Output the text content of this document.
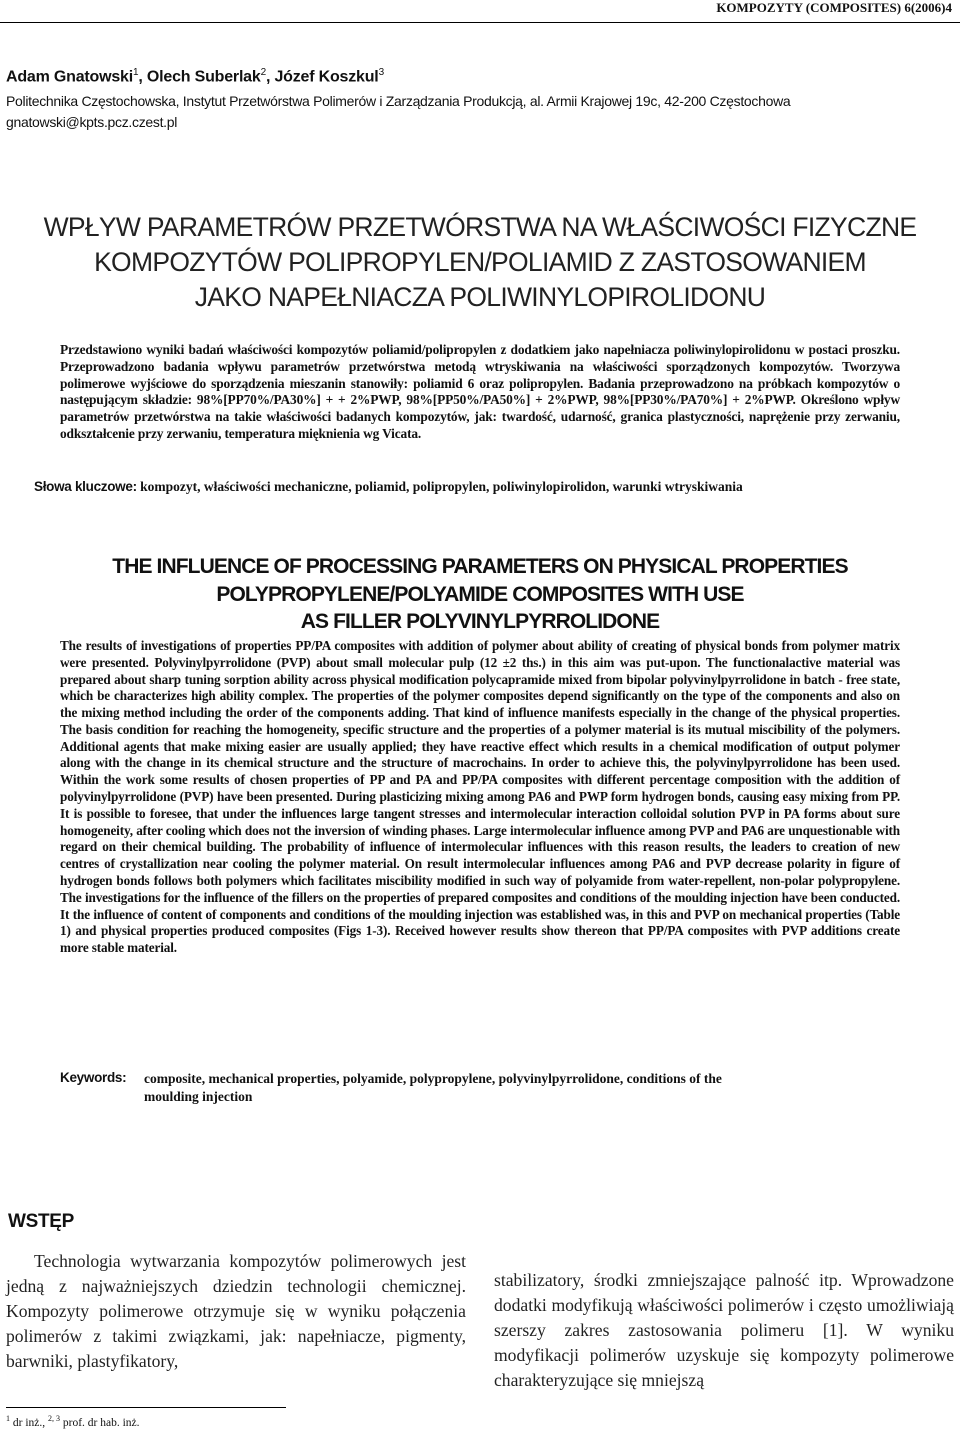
KOMPOZYTY (COMPOSITES) 6(2006)4
Adam Gnatowski$^1$, Olech Suberlak$^2$, Józef Koszkul$^3$
Politechnika Częstochowska, Instytut Przetwórstwa Polimerów i Zarządzania Produkcją, al. Armii Krajowej 19c, 42-200 Częstochowa
gnatowski@kpts.pcz.czest.pl
WPŁYW PARAMETRÓW PRZETWÓRSTWA NA WŁAŚCIWOŚCI FIZYCZNE
KOMPOZYTÓW POLIPROPYLEN/POLIAMID Z ZASTOSOWANIEM
JAKO NAPEŁNIACZA POLIWINYLOPIROLIDONU
Przedstawiono wyniki badań właściwości kompozytów poliamid/polipropylen z dodatkiem jako napełniacza poliwinylopirolidonu w postaci proszku. Przeprowadzono badania wpływu parametrów przetwórstwa metodą wtryskiwania na właściwości sporządzonych kompozytów. Tworzywa polimerowe wyjściowe do sporządzenia mieszanin stanowiły: poliamid 6 oraz polipropylen. Badania przeprowadzono na próbkach kompozytów o następującym składzie: 98%[PP70%/PA30%] + + 2%PWP, 98%[PP50%/PA50%] + 2%PWP, 98%[PP30%/PA70%] + 2%PWP. Określono wpływ parametrów przetwórstwa na takie właściwości badanych kompozytów, jak: twardość, udarność, granica plastyczności, naprężenie przy zerwaniu, odkształcenie przy zerwaniu, temperatura mięknienia wg Vicata.
Słowa kluczowe: kompozyt, właściwości mechaniczne, poliamid, polipropylen, poliwinylopirolidon, warunki wtryskiwania
THE INFLUENCE OF PROCESSING PARAMETERS ON PHYSICAL PROPERTIES
POLYPROPYLENE/POLYAMIDE COMPOSITES WITH USE
AS FILLER POLYVINYLPYRROLIDONE
The results of investigations of properties PP/PA composites with addition of polymer about ability of creating of physical bonds from polymer matrix were presented. Polyvinylpyrrolidone (PVP) about small molecular pulp (12 ±2 ths.) in this aim was put-upon. The functionalactive material was prepared about sharp tuning sorption ability across physical modification polycapramide mixed from bipolar polyvinylpyrrolidone in batch - free state, which be characterizes high ability complex. The properties of the polymer composites depend significantly on the type of the components and also on the mixing method including the order of the components adding. That kind of influence manifests especially in the change of the physical properties. The basis condition for reaching the homogeneity, specific structure and the properties of a polymer material is its mutual miscibility of the polymers. Additional agents that make mixing easier are usually applied; they have reactive effect which results in a chemical modification of output polymer along with the change in its chemical structure and the structure of macrochains. In order to achieve this, the polyvinylpyrrolidone has been used. Within the work some results of chosen properties of PP and PA and PP/PA composites with different percentage composition with the addition of polyvinylpyrrolidone (PVP) have been presented. During plasticizing mixing among PA6 and PWP form hydrogen bonds, causing easy mixing from PP. It is possible to foresee, that under the influences large tangent stresses and intermolecular interaction colloidal solution PVP in PA forms about sure homogeneity, after cooling which does not the inversion of winding phases. Large intermolecular influence among PVP and PA6 are unquestionable with regard on their chemical building. The probability of influence of intermolecular influences with this reason results, the leaders to creation of new centres of crystallization near cooling the polymer material. On result intermolecular influences among PA6 and PVP decrease polarity in figure of hydrogen bonds follows both polymers which facilitates miscibility modified in such way of polyamide from water-repellent, non-polar polypropylene. The investigations for the influence of the fillers on the properties of prepared composites and conditions of the moulding injection have been conducted. It the influence of content of components and conditions of the moulding injection was established was, in this and PVP on mechanical properties (Table 1) and physical properties produced composites (Figs 1-3). Received however results show thereon that PP/PA composites with PVP additions create more stable material.
Keywords: composite, mechanical properties, polyamide, polypropylene, polyvinylpyrrolidone, conditions of the moulding injection
WSTĘP
Technologia wytwarzania kompozytów polimerowych jest jedną z najważniejszych dziedzin technologii chemicznej. Kompozyty polimerowe otrzymuje się w wyniku połączenia polimerów z takimi związkami, jak: napełniacze, pigmenty, barwniki, plastyfikatory,
stabilizatory, środki zmniejszające palność itp. Wprowadzone dodatki modyfikują właściwości polimerów i często umożliwiają szerszy zakres zastosowania polimeru [1]. W wyniku modyfikacji polimerów uzyskuje się kompozyty polimerowe charakteryzujące się mniejszą
$^1$ dr inż., $^{2, 3}$ prof. dr hab. inż.
